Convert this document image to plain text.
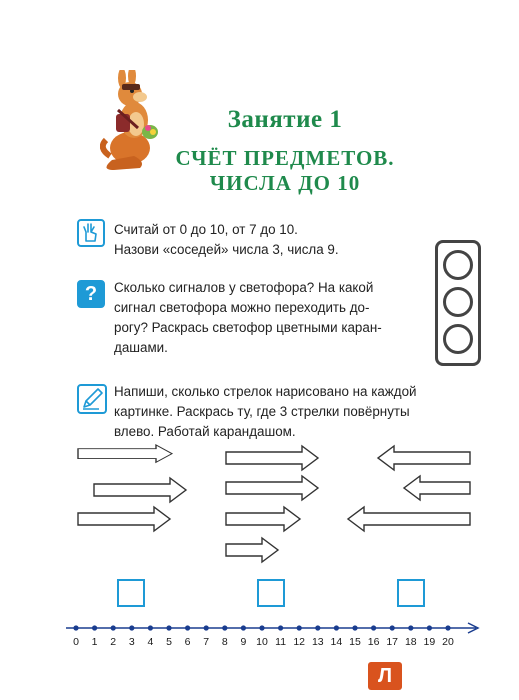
Занятие 1
СЧЁТ ПРЕДМЕТОВ.
ЧИСЛА ДО 10

Считай от 0 до 10, от 7 до 10.

Назови «соседей» числа 3, числа 9.

?	Сколько сигналов у светофора? На какой

сигнал светофора можно переходить до-

рогу? Раскрась светофор цветными каран-

дашами.

Напиши, сколько стрелок нарисовано на каждой

картинке. Раскрась ту, где 3 стрелки повёрнуты

влево. Работай карандашом.

0 1 2 3 4 5 6 7 8 9 10 11 12 13 14 15 16 17 18 19 20
Л
